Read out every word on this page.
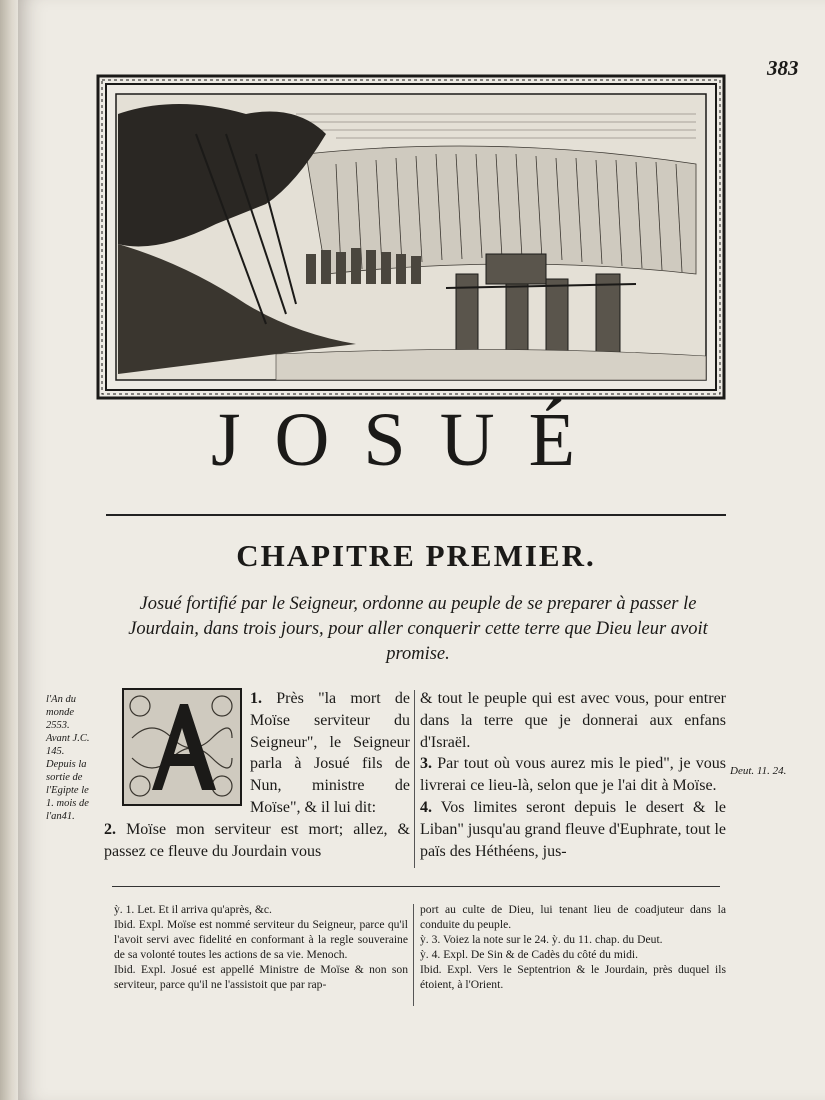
383
JOSUÉ
CHAPITRE PREMIER.
Josué fortifié par le Seigneur, ordonne au peuple de se preparer à passer le Jourdain, dans trois jours, pour aller conquerir cette terre que Dieu leur avoit promise.
l'An du
monde
2553.
Avant J.C.
145.
Depuis la
sortie de
l'Egipte le
1. mois de
l'an41.
Deut. 11. 24.

1. Près "la mort de Moïse serviteur du Seigneur", le Seigneur parla à Josué fils de Nun, ministre de Moïse", & il lui dit:

2. Moïse mon serviteur est mort; allez, & passez ce fleuve du Jourdain vous

& tout le peuple qui est avec vous, pour entrer dans la terre que je donnerai aux enfans d'Israël.

3. Par tout où vous aurez mis le pied", je vous livrerai ce lieu-là, selon que je l'ai dit à Moïse.

4. Vos limites seront depuis le desert & le Liban" jusqu'au grand fleuve d'Euphrate, tout le païs des Héthéens, jus-

ỳ. 1. Let. Et il arriva qu'après, &c.

Ibid. Expl. Moïse est nommé serviteur du Seigneur, parce qu'il l'avoit servi avec fidelité en conformant à la regle souveraine de sa volonté toutes les actions de sa vie. Menoch.

Ibid. Expl. Josué est appellé Ministre de Moïse & non son serviteur, parce qu'il ne l'assistoit que par rap-

port au culte de Dieu, lui tenant lieu de coadjuteur dans la conduite du peuple.

ỳ. 3. Voiez la note sur le 24. ỳ. du 11. chap. du Deut.

ỳ. 4. Expl. De Sin & de Cadès du côté du midi.

Ibid. Expl. Vers le Septentrion & le Jourdain, près duquel ils étoient, à l'Orient.
